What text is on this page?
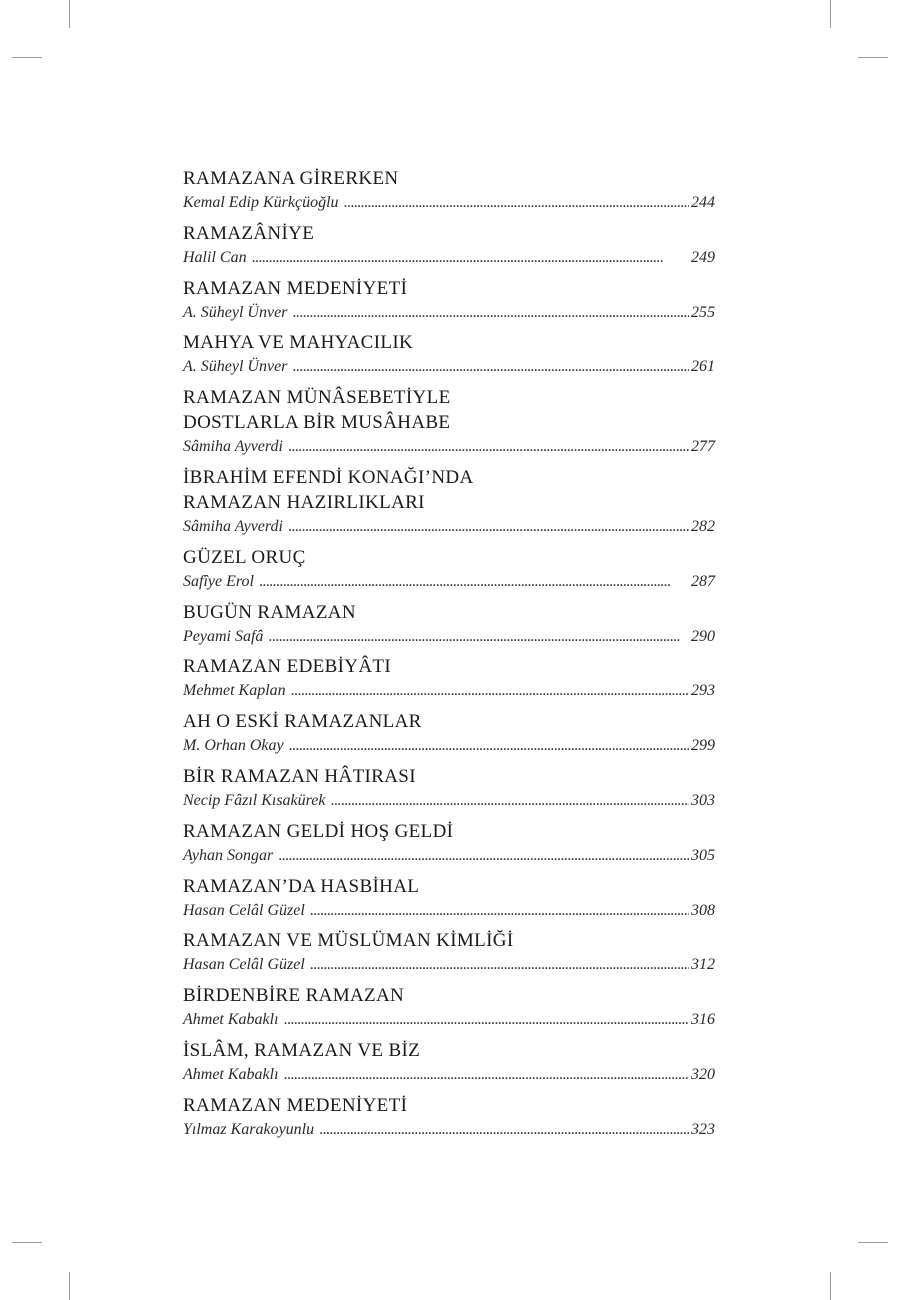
RAMAZANA GİRERKEN
Kemal Edip Kürkçüoğlu . . .	244
RAMAZÂNİYE
Halil Can . . .	249
RAMAZAN MEDENİYETİ
A. Süheyl Ünver . . .	255
MAHYA VE MAHYACILIK
A. Süheyl Ünver . . .	261
RAMAZAN MÜNÂSEBETİYLE
DOSTLARLA BİR MUSÂHABE
Sâmiha Ayverdi . . .	277
İBRAHİM EFENDİ KONAĞI’NDA
RAMAZAN HAZIRLIKLARI
Sâmiha Ayverdi . . .	282
GÜZEL ORUÇ
Safîye Erol . . .	287
BUGÜN RAMAZAN
Peyami Safâ . . .	290
RAMAZAN EDEBİYÂTI
Mehmet Kaplan . . .	293
AH O ESKİ RAMAZANLAR
M. Orhan Okay . . .	299
BİR RAMAZAN HÂTIRASI
Necip Fâzıl Kısakürek . . .	303
RAMAZAN GELDİ HOŞ GELDİ
Ayhan Songar . . .	305
RAMAZAN’DA HASBİHAL
Hasan Celâl Güzel . . .	308
RAMAZAN VE MÜSLÜMAN KİMLİĞİ
Hasan Celâl Güzel . . .	312
BİRDENBİRE RAMAZAN
Ahmet Kabaklı . . .	316
İSLÂM, RAMAZAN VE BİZ
Ahmet Kabaklı . . .	320
RAMAZAN MEDENİYETİ
Yılmaz Karakoyunlu . . .	323
